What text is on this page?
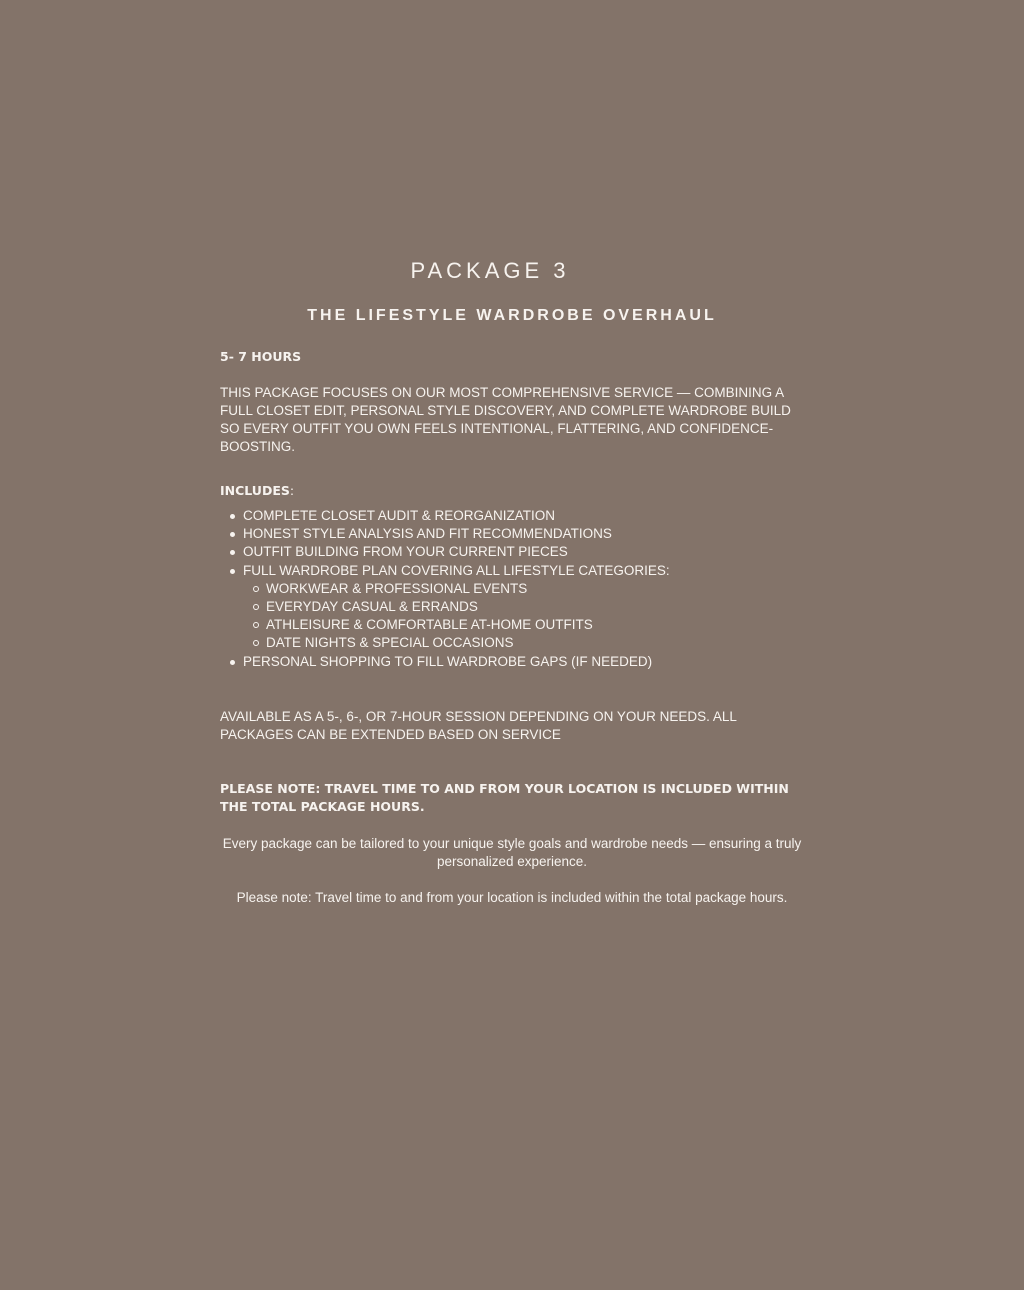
PACKAGE 3
THE LIFESTYLE WARDROBE OVERHAUL

5- 7 HOURS

THIS PACKAGE FOCUSES ON OUR MOST COMPREHENSIVE SERVICE — COMBINING A FULL CLOSET EDIT, PERSONAL STYLE DISCOVERY, AND COMPLETE WARDROBE BUILD SO EVERY OUTFIT YOU OWN FEELS INTENTIONAL, FLATTERING, AND CONFIDENCE-BOOSTING.

INCLUDES:

COMPLETE CLOSET AUDIT & REORGANIZATION
HONEST STYLE ANALYSIS AND FIT RECOMMENDATIONS
OUTFIT BUILDING FROM YOUR CURRENT PIECES
FULL WARDROBE PLAN COVERING ALL LIFESTYLE CATEGORIES:
WORKWEAR & PROFESSIONAL EVENTS
EVERYDAY CASUAL & ERRANDS
ATHLEISURE & COMFORTABLE AT-HOME OUTFITS
DATE NIGHTS & SPECIAL OCCASIONS
PERSONAL SHOPPING TO FILL WARDROBE GAPS (IF NEEDED)

AVAILABLE AS A 5-, 6-, OR 7-HOUR SESSION DEPENDING ON YOUR NEEDS. ALL PACKAGES CAN BE EXTENDED BASED ON SERVICE

PLEASE NOTE: TRAVEL TIME TO AND FROM YOUR LOCATION IS INCLUDED WITHIN THE TOTAL PACKAGE HOURS.

Every package can be tailored to your unique style goals and wardrobe needs — ensuring a truly personalized experience.

Please note: Travel time to and from your location is included within the total package hours.
